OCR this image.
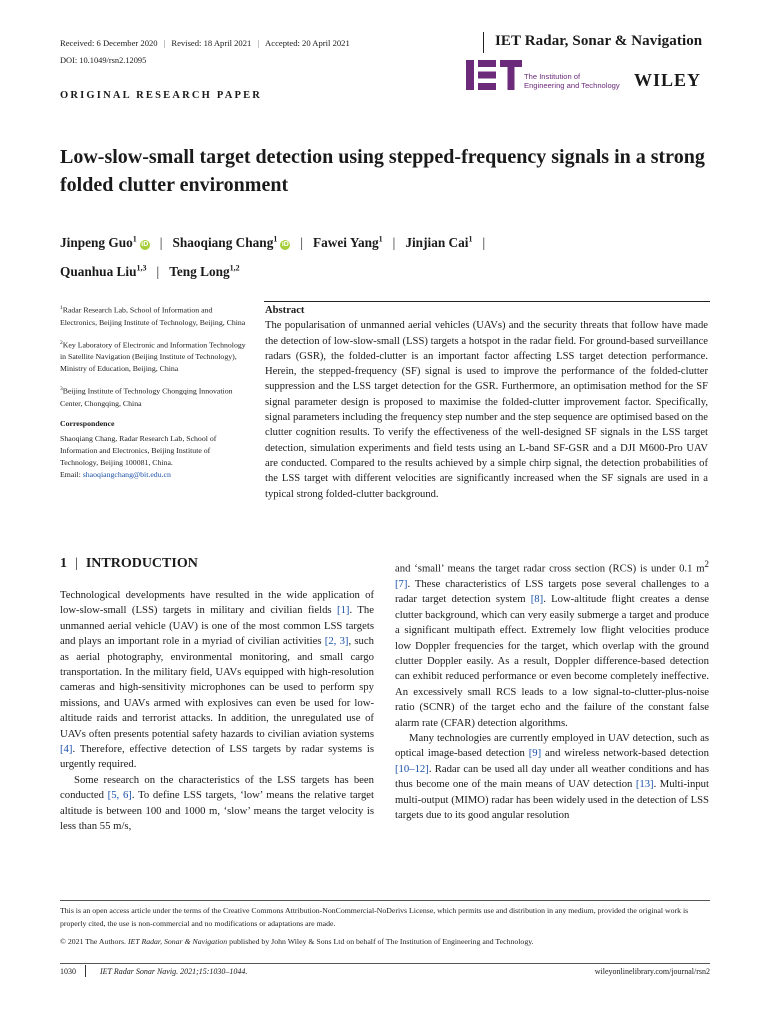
Received: 6 December 2020 | Revised: 18 April 2021 | Accepted: 20 April 2021	IET Radar, Sonar & Navigation
DOI: 10.1049/rsn2.12095
The Institution of
Engineering and Technology WILEY
ORIGINAL RESEARCH PAPER
Low-slow-small target detection using stepped-frequency signals in a strong folded clutter environment
Jinpeng Guo$^1$iD | Shaoqiang Chang$^1$iD | Fawei Yang$^1$ | Jinjian Cai$^1$ |
Quanhua Liu$^{1,3}$ | Teng Long$^{1,2}$

$^1$Radar Research Lab, School of Information and Electronics, Beijing Institute of Technology, Beijing, China

$^2$Key Laboratory of Electronic and Information Technology in Satellite Navigation (Beijing Institute of Technology), Ministry of Education, Beijing, China

$^3$Beijing Institute of Technology Chongqing Innovation Center, Chongqing, China

Correspondence

Shaoqiang Chang, Radar Research Lab, School of Information and Electronics, Beijing Institute of Technology, Beijing 100081, China.
Email: shaoqiangchang@bit.edu.cn

Abstract
The popularisation of unmanned aerial vehicles (UAVs) and the security threats that follow have made the detection of low-slow-small (LSS) targets a hotspot in the radar field. For ground-based surveillance radars (GSR), the folded-clutter is an important factor affecting LSS target detection performance. Herein, the stepped-frequency (SF) signal is used to improve the performance of the folded-clutter suppression and the LSS target detection for the GSR. Furthermore, an optimisation method for the SF signal parameter design is proposed to maximise the folded-clutter improvement factor. Specifically, signal parameters including the frequency step number and the step sequence are optimised based on the clutter cognition results. To verify the effectiveness of the well-designed SF signals in the LSS target detection, simulation experiments and field tests using an L-band SF-GSR and a DJI M600-Pro UAV are conducted. Compared to the results achieved by a simple chirp signal, the detection probabilities of the LSS target with different velocities are significantly increased when the SF signals are used in a typical strong folded-clutter background.
1 | INTRODUCTION

Technological developments have resulted in the wide application of low-slow-small (LSS) targets in military and civilian fields [1]. The unmanned aerial vehicle (UAV) is one of the most common LSS targets and plays an important role in a myriad of civilian activities [2, 3], such as aerial photography, environmental monitoring, and small cargo transportation. In the military field, UAVs equipped with high-resolution cameras and high-sensitivity microphones can be used to perform spy missions, and UAVs armed with explosives can even be used for low-altitude raids and terrorist attacks. In addition, the unregulated use of UAVs often presents potential safety hazards to civilian aviation systems [4]. Therefore, effective detection of LSS targets by radar systems is urgently required.

Some research on the characteristics of the LSS targets has been conducted [5, 6]. To define LSS targets, ‘low’ means the relative target altitude is between 100 and 1000 m, ‘slow’ means the target velocity is less than 55 m/s,

and ‘small’ means the target radar cross section (RCS) is under 0.1 $m^2$ [7]. These characteristics of LSS targets pose several challenges to a radar target detection system [8]. Low-altitude flight creates a dense clutter background, which can very easily submerge a target and produce a significant multipath effect. Extremely low flight velocities produce low Doppler frequencies for the target, which overlap with the ground clutter Doppler easily. As a result, Doppler difference-based detection can exhibit reduced performance or even become completely ineffective. An excessively small RCS leads to a low signal-to-clutter-plus-noise ratio (SCNR) of the target echo and the failure of the constant false alarm rate (CFAR) detection algorithms.

Many technologies are currently employed in UAV detection, such as optical image-based detection [9] and wireless network-based detection [10–12]. Radar can be used all day under all weather conditions and has thus become one of the main means of UAV detection [13]. Multi-input multi-output (MIMO) radar has been widely used in the detection of LSS targets due to its good angular resolution

This is an open access article under the terms of the Creative Commons Attribution-NonCommercial-NoDerivs License, which permits use and distribution in any medium, provided the original work is properly cited, the use is non-commercial and no modifications or adaptations are made.

© 2021 The Authors. IET Radar, Sonar & Navigation published by John Wiley & Sons Ltd on behalf of The Institution of Engineering and Technology.

1030	IET Radar Sonar Navig. 2021;15:1030–1044.	wileyonlinelibrary.com/journal/rsn2
